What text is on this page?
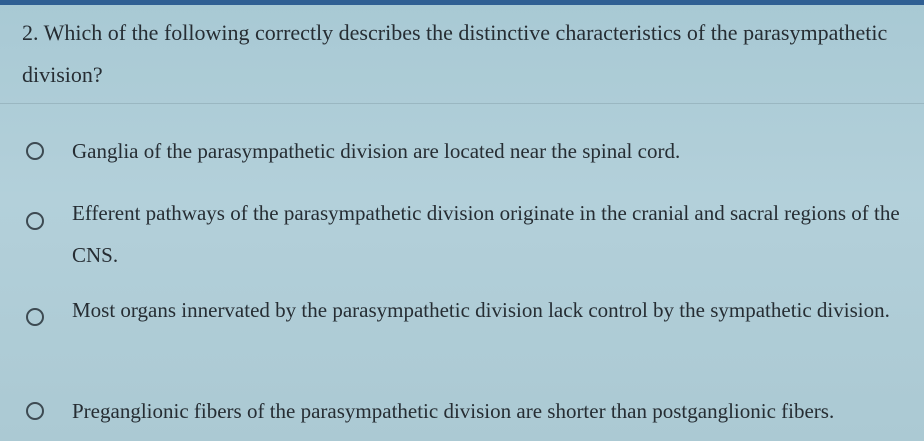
2. Which of the following correctly describes the distinctive characteristics of the parasympathetic division?
Ganglia of the parasympathetic division are located near the spinal cord.
Efferent pathways of the parasympathetic division originate in the cranial and sacral regions of the CNS.
Most organs innervated by the parasympathetic division lack control by the sympathetic division.
Preganglionic fibers of the parasympathetic division are shorter than postganglionic fibers.
